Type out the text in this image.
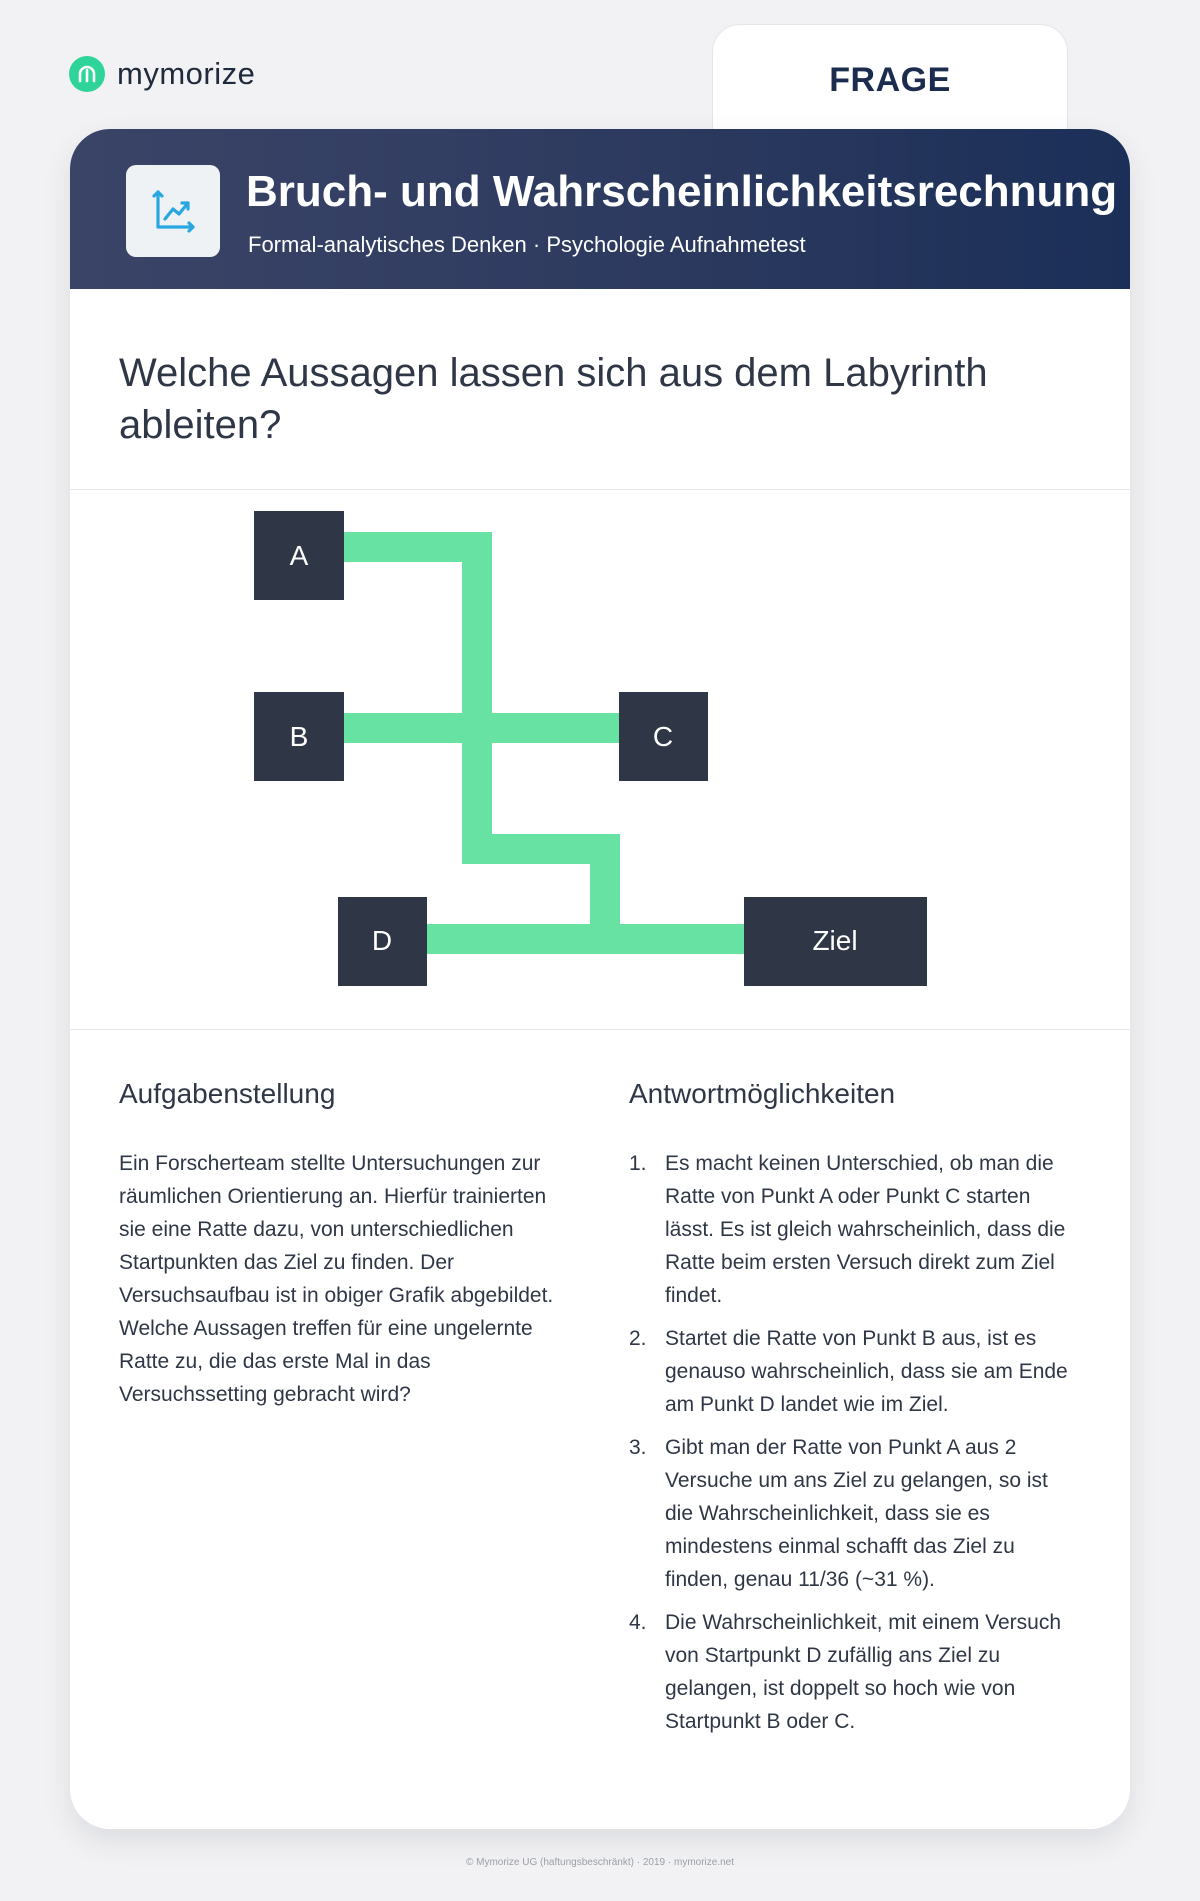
mymorize	FRAGE
Bruch- und Wahrscheinlichkeitsrechnung
Formal-analytisches Denken · Psychologie Aufnahmetest
Welche Aussagen lassen sich aus dem Labyrinth ableiten?
A
B	C
D	Ziel
Aufgabenstellung

Ein Forscherteam stellte Untersuchungen zur räumlichen Orientierung an. Hierfür trainierten sie eine Ratte dazu, von unterschiedlichen Startpunkten das Ziel zu finden. Der Versuchsaufbau ist in obiger Grafik abgebildet. Welche Aussagen treffen für eine ungelernte Ratte zu, die das erste Mal in das Versuchssetting gebracht wird?

Antwortmöglichkeiten
1. Es macht keinen Unterschied, ob man die Ratte von Punkt A oder Punkt C starten lässt. Es ist gleich wahrscheinlich, dass die Ratte beim ersten Versuch direkt zum Ziel findet.
2. Startet die Ratte von Punkt B aus, ist es genauso wahrscheinlich, dass sie am Ende am Punkt D landet wie im Ziel.
3. Gibt man der Ratte von Punkt A aus 2 Versuche um ans Ziel zu gelangen, so ist die Wahrscheinlichkeit, dass sie es mindestens einmal schafft das Ziel zu finden, genau 11/36 (~31 %).
4. Die Wahrscheinlichkeit, mit einem Versuch von Startpunkt D zufällig ans Ziel zu gelangen, ist doppelt so hoch wie von Startpunkt B oder C.
© Mymorize UG (haftungsbeschränkt) · 2019 · mymorize.net
